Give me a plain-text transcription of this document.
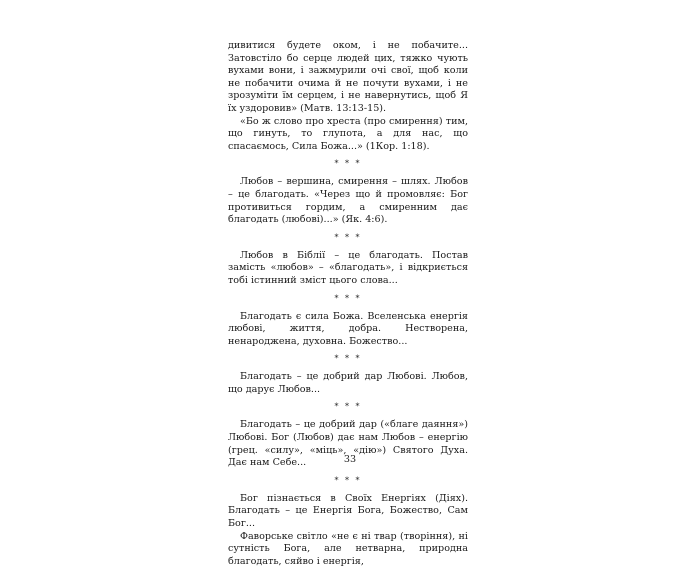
дивитися будете оком, і не побачите... Затовстіло бо серце людей цих, тяжко чують вухами вони, і зажмурили очі свої, щоб коли не побачити очима й не почути вухами, і не зрозуміти їм серцем, і не навернутись, щоб Я їх уздоровив» (Матв. 13:13-15).

«Бо ж слово про хреста (про смирення) тим, що гинуть, то глупота, а для нас, що спасаємось, Сила Божа...» (1Кор. 1:18).

* * *

Любов – вершина, смирення – шлях. Любов – це благодать. «Через що й промовляє: Бог противиться гордим, а смиренним дає благодать (любові)...» (Як. 4:6).

* * *

Любов в Біблії – це благодать. Постав замість «любов» – «благодать», і відкриється тобі істинний зміст цього слова...

* * *

Благодать є сила Божа. Вселенська енергія любові, життя, добра. Нестворена, ненароджена, духовна. Божество...

* * *

Благодать – це добрий дар Любові. Любов, що дарує Любов...

* * *

Благодать – це добрий дар («благе даяння») Любові. Бог (Любов) дає нам Любов – енергію (грец. «силу», «міць», «дію») Святого Духа. Дає нам Себе...

* * *

Бог пізнається в Своїх Енергіях (Діях). Благодать – це Енергія Бога, Божество, Сам Бог...

Фаворське світло «не є ні твар (творіння), ні сутність Бога, але нетварна, природна благодать, сяйво і енергія,

33
